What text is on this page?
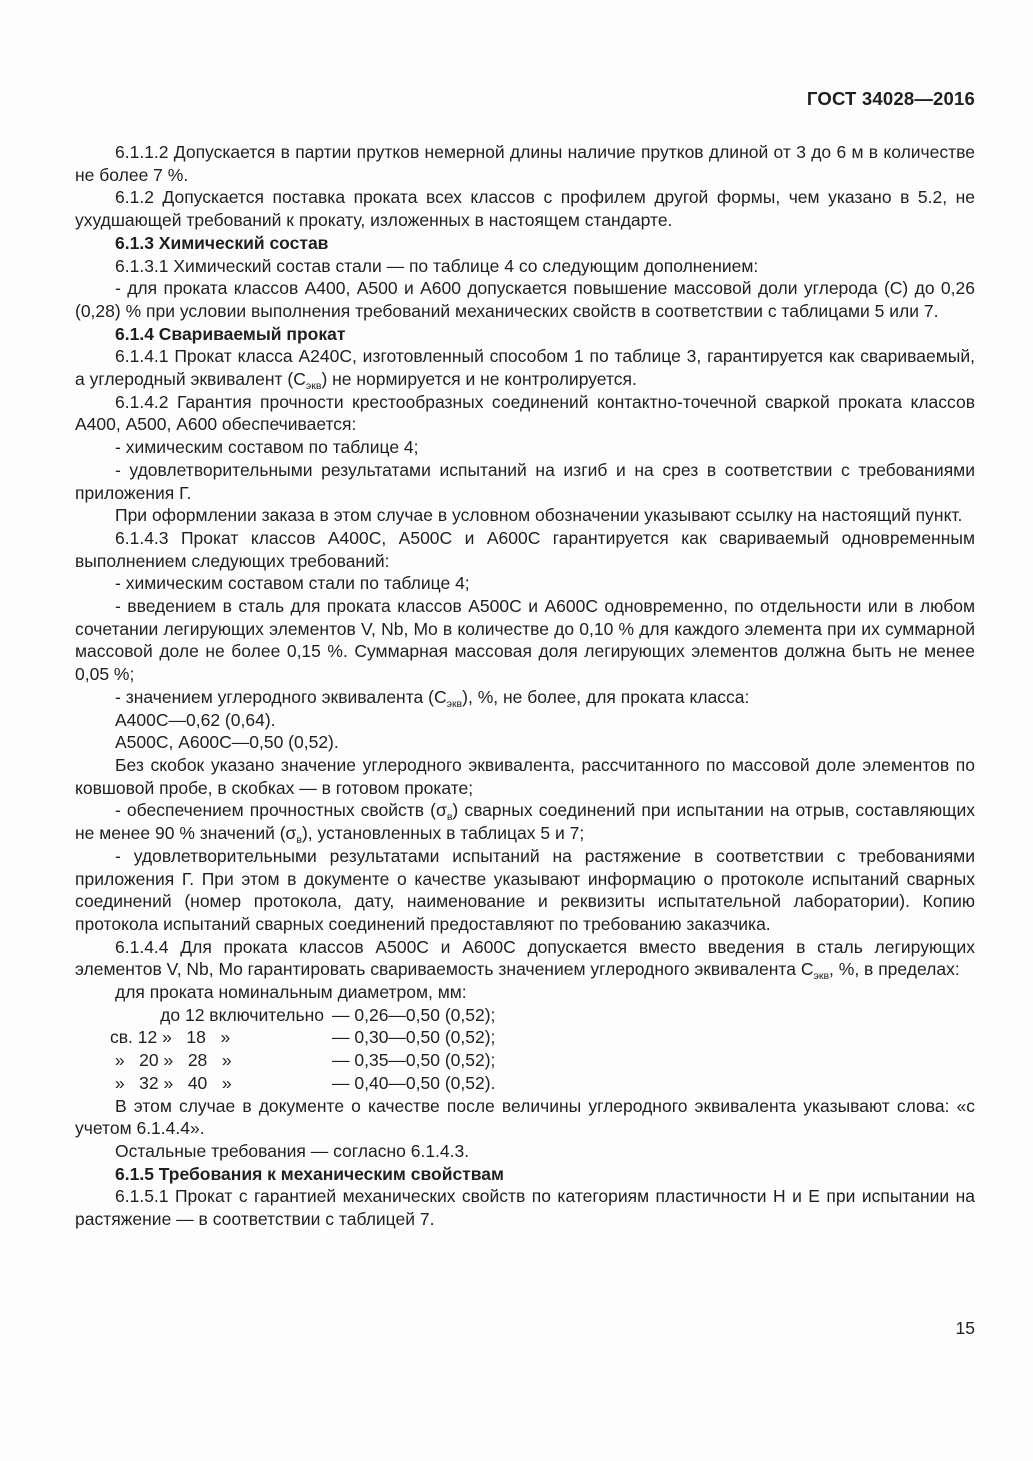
ГОСТ 34028—2016

6.1.1.2 Допускается в партии прутков немерной длины наличие прутков длиной от 3 до 6 м в количестве не более 7 %.

6.1.2 Допускается поставка проката всех классов с профилем другой формы, чем указано в 5.2, не ухудшающей требований к прокату, изложенных в настоящем стандарте.

6.1.3 Химический состав

6.1.3.1 Химический состав стали — по таблице 4 со следующим дополнением:

- для проката классов А400, А500 и А600 допускается повышение массовой доли углерода (С) до 0,26 (0,28) % при условии выполнения требований механических свойств в соответствии с таблицами 5 или 7.

6.1.4 Свариваемый прокат

6.1.4.1 Прокат класса А240С, изготовленный способом 1 по таблице 3, гарантируется как свариваемый, а углеродный эквивалент $(С_{экв})$ не нормируется и не контролируется.

6.1.4.2 Гарантия прочности крестообразных соединений контактно-точечной сваркой проката классов А400, А500, А600 обеспечивается:

- химическим составом по таблице 4;

- удовлетворительными результатами испытаний на изгиб и на срез в соответствии с требованиями приложения Г.

При оформлении заказа в этом случае в условном обозначении указывают ссылку на настоящий пункт.

6.1.4.3 Прокат классов А400С, А500С и А600С гарантируется как свариваемый одновременным выполнением следующих требований:

- химическим составом стали по таблице 4;

- введением в сталь для проката классов А500С и А600С одновременно, по отдельности или в любом сочетании легирующих элементов V, Nb, Mo в количестве до 0,10 % для каждого элемента при их суммарной массовой доле не более 0,15 %. Суммарная массовая доля легирующих элементов должна быть не менее 0,05 %;

- значением углеродного эквивалента $(С_{экв})$, %, не более, для проката класса:

А400С—0,62 (0,64).

А500С, А600С—0,50 (0,52).

Без скобок указано значение углеродного эквивалента, рассчитанного по массовой доле элементов по ковшовой пробе, в скобках — в готовом прокате;

- обеспечением прочностных свойств $(\sigma_в)$ сварных соединений при испытании на отрыв, составляющих не менее 90 % значений $(\sigma_в)$, установленных в таблицах 5 и 7;

- удовлетворительными результатами испытаний на растяжение в соответствии с требованиями приложения Г. При этом в документе о качестве указывают информацию о протоколе испытаний сварных соединений (номер протокола, дату, наименование и реквизиты испытательной лаборатории). Копию протокола испытаний сварных соединений предоставляют по требованию заказчика.

6.1.4.4 Для проката классов А500С и А600С допускается вместо введения в сталь легирующих элементов V, Nb, Mo гарантировать свариваемость значением углеродного эквивалента $С_{экв}$, %, в пределах:

для проката номинальным диаметром, мм:

до 12 включительно — 0,26—0,50 (0,52);
св. 12 »   18   »	— 0,30—0,50 (0,52);
»   20 »   28   »	— 0,35—0,50 (0,52);
»   32 »   40   »	— 0,40—0,50 (0,52).

В этом случае в документе о качестве после величины углеродного эквивалента указывают слова: «с учетом 6.1.4.4».

Остальные требования — согласно 6.1.4.3.

6.1.5 Требования к механическим свойствам

6.1.5.1 Прокат с гарантией механических свойств по категориям пластичности Н и Е при испытании на растяжение — в соответствии с таблицей 7.

15
